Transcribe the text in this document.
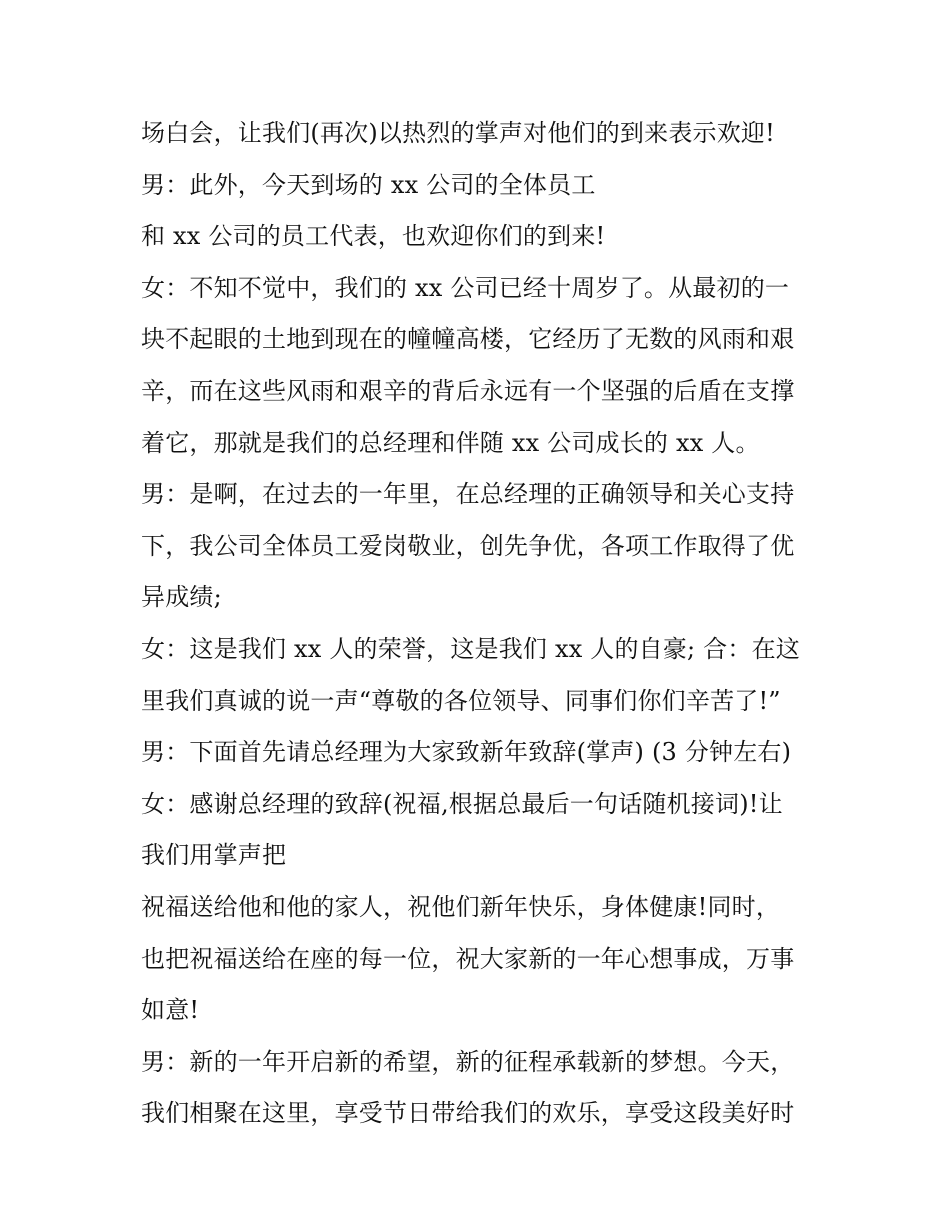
场白会，让我们(再次)以热烈的掌声对他们的到来表示欢迎!
男：此外，今天到场的 xx 公司的全体员工
和 xx 公司的员工代表，也欢迎你们的到来!
女：不知不觉中，我们的 xx 公司已经十周岁了。从最初的一
块不起眼的土地到现在的幢幢高楼，它经历了无数的风雨和艰
辛，而在这些风雨和艰辛的背后永远有一个坚强的后盾在支撑
着它，那就是我们的总经理和伴随 xx 公司成长的 xx 人。
男：是啊，在过去的一年里，在总经理的正确领导和关心支持
下，我公司全体员工爱岗敬业，创先争优，各项工作取得了优
异成绩;
女：这是我们 xx 人的荣誉，这是我们 xx 人的自豪; 合：在这
里我们真诚的说一声“尊敬的各位领导、同事们你们辛苦了!”
男：下面首先请总经理为大家致新年致辞(掌声) (3 分钟左右)
女：感谢总经理的致辞(祝福,根据总最后一句话随机接词)!让
我们用掌声把
祝福送给他和他的家人，祝他们新年快乐，身体健康!同时，
也把祝福送给在座的每一位，祝大家新的一年心想事成，万事
如意!
男：新的一年开启新的希望，新的征程承载新的梦想。今天，
我们相聚在这里，享受节日带给我们的欢乐，享受这段美好时
